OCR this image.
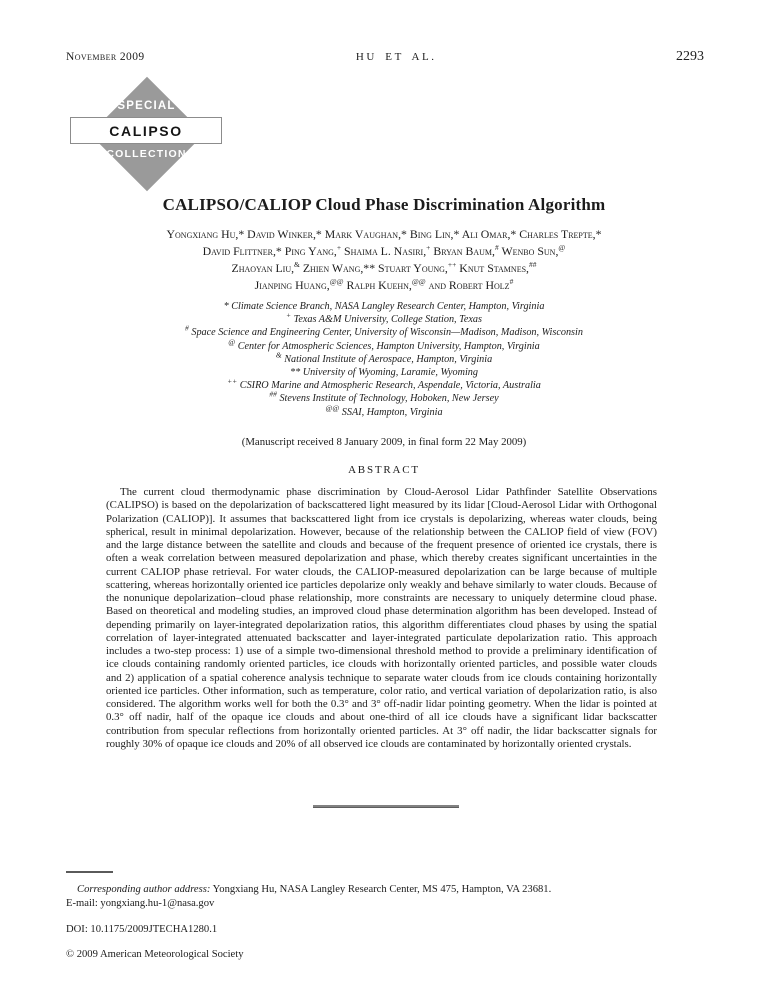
November 2009	HU ET AL.	2293
SPECIAL
CALIPSO
COLLECTION
CALIPSO/CALIOP Cloud Phase Discrimination Algorithm
Yongxiang Hu,* David Winker,* Mark Vaughan,* Bing Lin,* Ali Omar,* Charles Trepte,*
David Flittner,* Ping Yang,+ Shaima L. Nasiri,+ Bryan Baum,# Wenbo Sun,@
Zhaoyan Liu,& Zhien Wang,** Stuart Young,++ Knut Stamnes,##
Jianping Huang,@@ Ralph Kuehn,@@ and Robert Holz#
* Climate Science Branch, NASA Langley Research Center, Hampton, Virginia
+ Texas A&M University, College Station, Texas
# Space Science and Engineering Center, University of Wisconsin—Madison, Madison, Wisconsin
@ Center for Atmospheric Sciences, Hampton University, Hampton, Virginia
& National Institute of Aerospace, Hampton, Virginia
** University of Wyoming, Laramie, Wyoming
++ CSIRO Marine and Atmospheric Research, Aspendale, Victoria, Australia
## Stevens Institute of Technology, Hoboken, New Jersey
@@ SSAI, Hampton, Virginia
(Manuscript received 8 January 2009, in final form 22 May 2009)
ABSTRACT

The current cloud thermodynamic phase discrimination by Cloud-Aerosol Lidar Pathfinder Satellite Observations (CALIPSO) is based on the depolarization of backscattered light measured by its lidar [Cloud-Aerosol Lidar with Orthogonal Polarization (CALIOP)]. It assumes that backscattered light from ice crystals is depolarizing, whereas water clouds, being spherical, result in minimal depolarization. However, because of the relationship between the CALIOP field of view (FOV) and the large distance between the satellite and clouds and because of the frequent presence of oriented ice crystals, there is often a weak correlation between measured depolarization and phase, which thereby creates significant uncertainties in the current CALIOP phase retrieval. For water clouds, the CALIOP-measured depolarization can be large because of multiple scattering, whereas horizontally oriented ice particles depolarize only weakly and behave similarly to water clouds. Because of the nonunique depolarization–cloud phase relationship, more constraints are necessary to uniquely determine cloud phase. Based on theoretical and modeling studies, an improved cloud phase determination algorithm has been developed. Instead of depending primarily on layer-integrated depolarization ratios, this algorithm differentiates cloud phases by using the spatial correlation of layer-integrated attenuated backscatter and layer-integrated particulate depolarization ratio. This approach includes a two-step process: 1) use of a simple two-dimensional threshold method to provide a preliminary identification of ice clouds containing randomly oriented particles, ice clouds with horizontally oriented particles, and possible water clouds and 2) application of a spatial coherence analysis technique to separate water clouds from ice clouds containing horizontally oriented ice particles. Other information, such as temperature, color ratio, and vertical variation of depolarization ratio, is also considered. The algorithm works well for both the 0.3° and 3° off-nadir lidar pointing geometry. When the lidar is pointed at 0.3° off nadir, half of the opaque ice clouds and about one-third of all ice clouds have a significant lidar backscatter contribution from specular reflections from horizontally oriented particles. At 3° off nadir, the lidar backscatter signals for roughly 30% of opaque ice clouds and 20% of all observed ice clouds are contaminated by horizontally oriented crystals.

Corresponding author address: Yongxiang Hu, NASA Langley Research Center, MS 475, Hampton, VA 23681.

E-mail: yongxiang.hu-1@nasa.gov

DOI: 10.1175/2009JTECHA1280.1

© 2009 American Meteorological Society
